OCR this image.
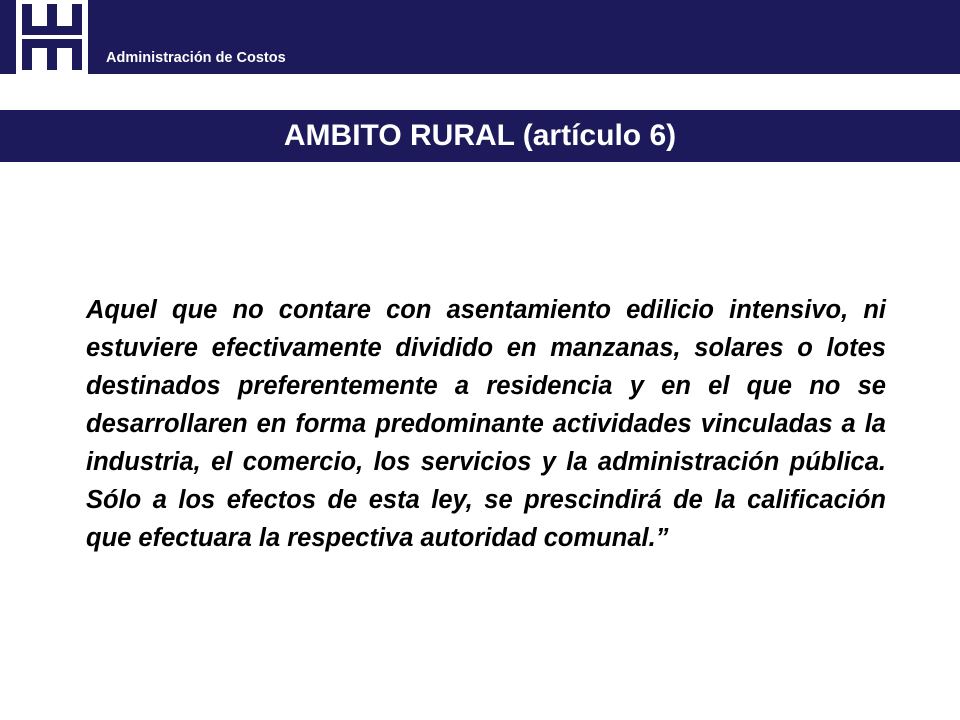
Administración de Costos
AMBITO RURAL (artículo 6)
Aquel que no contare con asentamiento edilicio intensivo, ni estuviere efectivamente dividido en manzanas, solares o lotes destinados preferentemente a residencia y en el que no se desarrollaren en forma predominante actividades vinculadas a la industria, el comercio, los servicios y la administración pública. Sólo a los efectos de esta ley, se prescindirá de la calificación que efectuara la respectiva autoridad comunal.”
